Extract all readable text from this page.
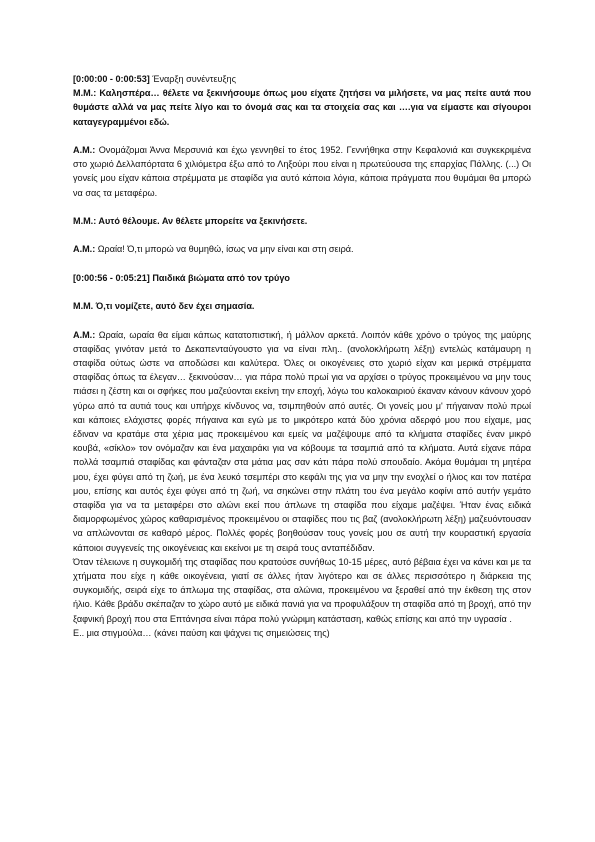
[0:00:00 - 0:00:53] Έναρξη συνέντευξης

Μ.Μ.: Καλησπέρα… θέλετε να ξεκινήσουμε όπως μου είχατε ζητήσει να μιλήσετε, να μας πείτε αυτά που θυμάστε αλλά να μας πείτε λίγο και το όνομά σας και τα στοιχεία σας και ….για να είμαστε και σίγουροι καταγεγραμμένοι εδώ.

Α.Μ.: Ονομάζομαι Άννα Μερσυνιά και έχω γεννηθεί το έτος 1952. Γεννήθηκα στην Κεφαλονιά και συγκεκριμένα στο χωριό Δελλαπόρτατα 6 χιλιόμετρα έξω από το Ληξούρι που είναι η πρωτεύουσα της επαρχίας Πάλλης. (...) Οι γονείς μου είχαν κάποια στρέμματα με σταφίδα για αυτό κάποια λόγια, κάποια πράγματα που θυμάμαι θα μπορώ να σας τα μεταφέρω.

Μ.Μ.: Αυτό θέλουμε. Αν θέλετε μπορείτε να ξεκινήσετε.

Α.Μ.: Ωραία! Ό,τι μπορώ να θυμηθώ, ίσως να μην είναι και στη σειρά.

[0:00:56 - 0:05:21] Παιδικά βιώματα από τον τρύγο

Μ.Μ. Ό,τι νομίζετε, αυτό δεν έχει σημασία.

Α.Μ.: Ωραία, ωραία θα είμαι κάπως κατατοπιστική, ή μάλλον αρκετά. Λοιπόν κάθε χρόνο ο τρύγος της μαύρης σταφίδας γινόταν μετά το Δεκαπενταύγουστο για να είναι πλη.. (ανολοκλήρωτη λέξη) εντελώς κατάμαυρη η σταφίδα ούτως ώστε να αποδώσει και καλύτερα. Όλες οι οικογένειες στο χωριό είχαν και μερικά στρέμματα σταφίδας όπως τα έλεγαν… ξεκινούσαν… για πάρα πολύ πρωί για να αρχίσει ο τρύγος προκειμένου να μην τους πιάσει η ζέστη και οι σφήκες που μαζεύονται εκείνη την εποχή, λόγω του καλοκαιριού έκαναν κάνουν κάνουν χορό γύρω από τα αυτιά τους και υπήρχε κίνδυνος να, τσιμπηθούν από αυτές. Οι γονείς μου μ' πήγαιναν πολύ πρωί και κάποιες ελάχιστες φορές πήγαινα και εγώ με το μικρότερο κατά δύο χρόνια αδερφό μου που είχαμε, μας έδιναν να κρατάμε στα χέρια μας προκειμένου και εμείς να μαζέψουμε από τα κλήματα σταφίδες έναν μικρό κουβά, «σίκλο» τον ονόμαζαν και ένα μαχαιράκι για να κόβουμε τα τσαμπιά από τα κλήματα. Αυτά είχανε πάρα πολλά τσαμπιά σταφίδας και φάνταζαν στα μάτια μας σαν κάτι πάρα πολύ σπουδαίο. Ακόμα θυμάμαι τη μητέρα μου, έχει φύγει από τη ζωή, με ένα λευκό τσεμπέρι στο κεφάλι της για να μην την ενοχλεί ο ήλιος και τον πατέρα μου, επίσης και αυτός έχει φύγει από τη ζωή, να σηκώνει στην πλάτη του ένα μεγάλο κοφίνι από αυτήν γεμάτο σταφίδα για να τα μεταφέρει στο αλώνι εκεί που άπλωνε τη σταφίδα που είχαμε μαζέψει. Ήταν ένας ειδικά διαμορφωμένος χώρος καθαρισμένος προκειμένου οι σταφίδες που τις βαζ (ανολοκλήρωτη λέξη) μαζευόντουσαν να απλώνονται σε καθαρό μέρος. Πολλές φορές βοηθούσαν τους γονείς μου σε αυτή την κουραστική εργασία κάποιοι συγγενείς της οικογένειας και εκείνοι με τη σειρά τους ανταπέδιδαν.

Όταν τέλειωνε η συγκομιδή της σταφίδας που κρατούσε συνήθως 10-15 μέρες, αυτό βέβαια έχει να κάνει και με τα χτήματα που είχε η κάθε οικογένεια, γιατί σε άλλες ήταν λιγότερο και σε άλλες περισσότερο η διάρκεια της συγκομιδής, σειρά είχε το άπλωμα της σταφίδας, στα αλώνια, προκειμένου να ξεραθεί από την έκθεση της στον ήλιο. Κάθε βράδυ σκέπαζαν το χώρο αυτό με ειδικά πανιά για να προφυλάξουν τη σταφίδα από τη βροχή, από την ξαφνική βροχή που στα Επτάνησα είναι πάρα πολύ γνώριμη κατάσταση, καθώς επίσης και από την υγρασία .

Ε.. μια στιγμούλα… (κάνει παύση και ψάχνει τις σημειώσεις της)
